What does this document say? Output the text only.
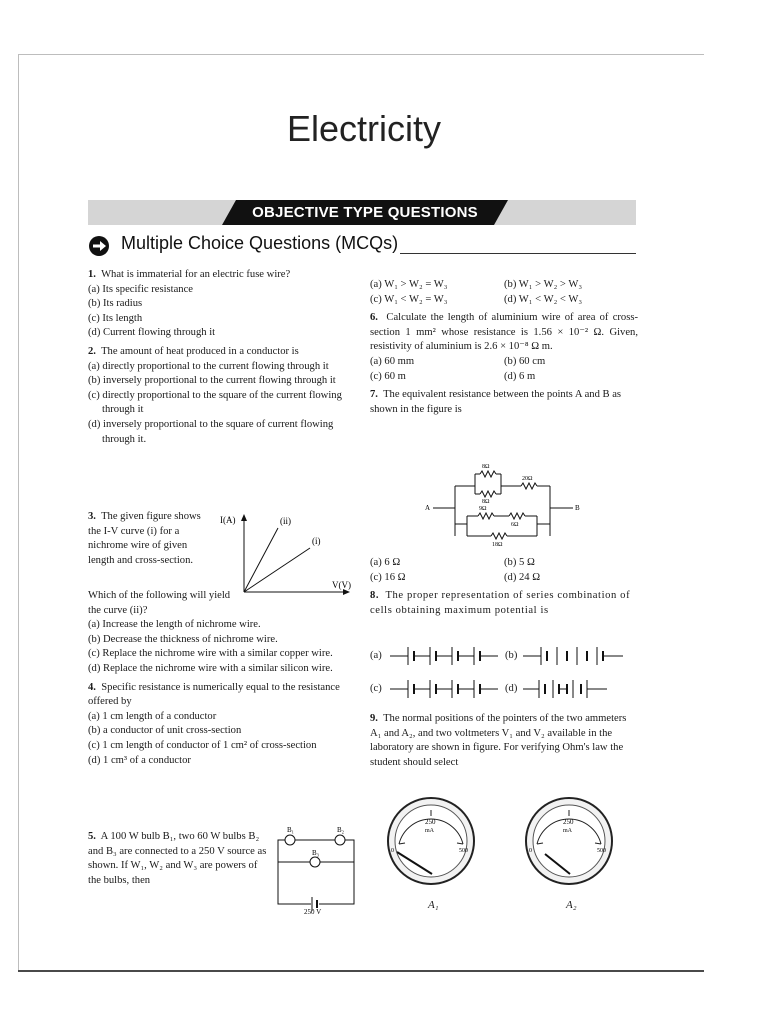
Electricity
OBJECTIVE TYPE QUESTIONS
Multiple Choice Questions (MCQs)

1. What is immaterial for an electric fuse wire?

(a) Its specific resistance

(b) Its radius

(c) Its length

(d) Current flowing through it

2. The amount of heat produced in a conductor is

(a) directly proportional to the current flowing through it

(b) inversely proportional to the current flowing through it

(c) directly proportional to the square of the current flowing through it

(d) inversely proportional to the square of current flowing through it.

3. The given figure shows the I-V curve (i) for a nichrome wire of given length and cross-section.

I(A)
V(V)
(ii)
(i)

Which of the following will yield the curve (ii)?

(a) Increase the length of nichrome wire.

(b) Decrease the thickness of nichrome wire.

(c) Replace the nichrome wire with a similar copper wire.

(d) Replace the nichrome wire with a similar silicon wire.

4. Specific resistance is numerically equal to the resistance offered by

(a) 1 cm length of a conductor

(b) a conductor of unit cross-section

(c) 1 cm length of conductor of 1 cm² of cross-section

(d) 1 cm³ of a conductor

5. A 100 W bulb B₁, two 60 W bulbs B₂ and B₃ are connected to a 250 V source as shown. If W₁, W₂ and W₃ are powers of the bulbs, then

B₁	B₂
B₃
250 V
(a) W₁ > W₂ = W₃	(b) W₁ > W₂ > W₃
(c) W₁ < W₂ = W₃	(d) W₁ < W₂ < W₃

6. Calculate the length of aluminium wire of area of cross-section 1 mm² whose resistance is 1.56 × 10⁻² Ω. Given, resistivity of aluminium is 2.6 × 10⁻⁸ Ω m.

(a) 60 mm	(b) 60 cm
(c) 60 m	(d) 6 m

7. The equivalent resistance between the points A and B as shown in the figure is

A	B
8Ω
8Ω
20Ω
9Ω
6Ω
18Ω
(a) 6 Ω	(b) 5 Ω
(c) 16 Ω	(d) 24 Ω

8. The proper representation of series combination of cells obtaining maximum potential is

(a)	(b)
(c)	(d)

9. The normal positions of the pointers of the two ammeters A₁ and A₂, and two voltmeters V₁ and V₂ available in the laboratory are shown in figure. For verifying Ohm's law the student should select

250
mA
0	500
A₁
250
mA
0	500
A₂
